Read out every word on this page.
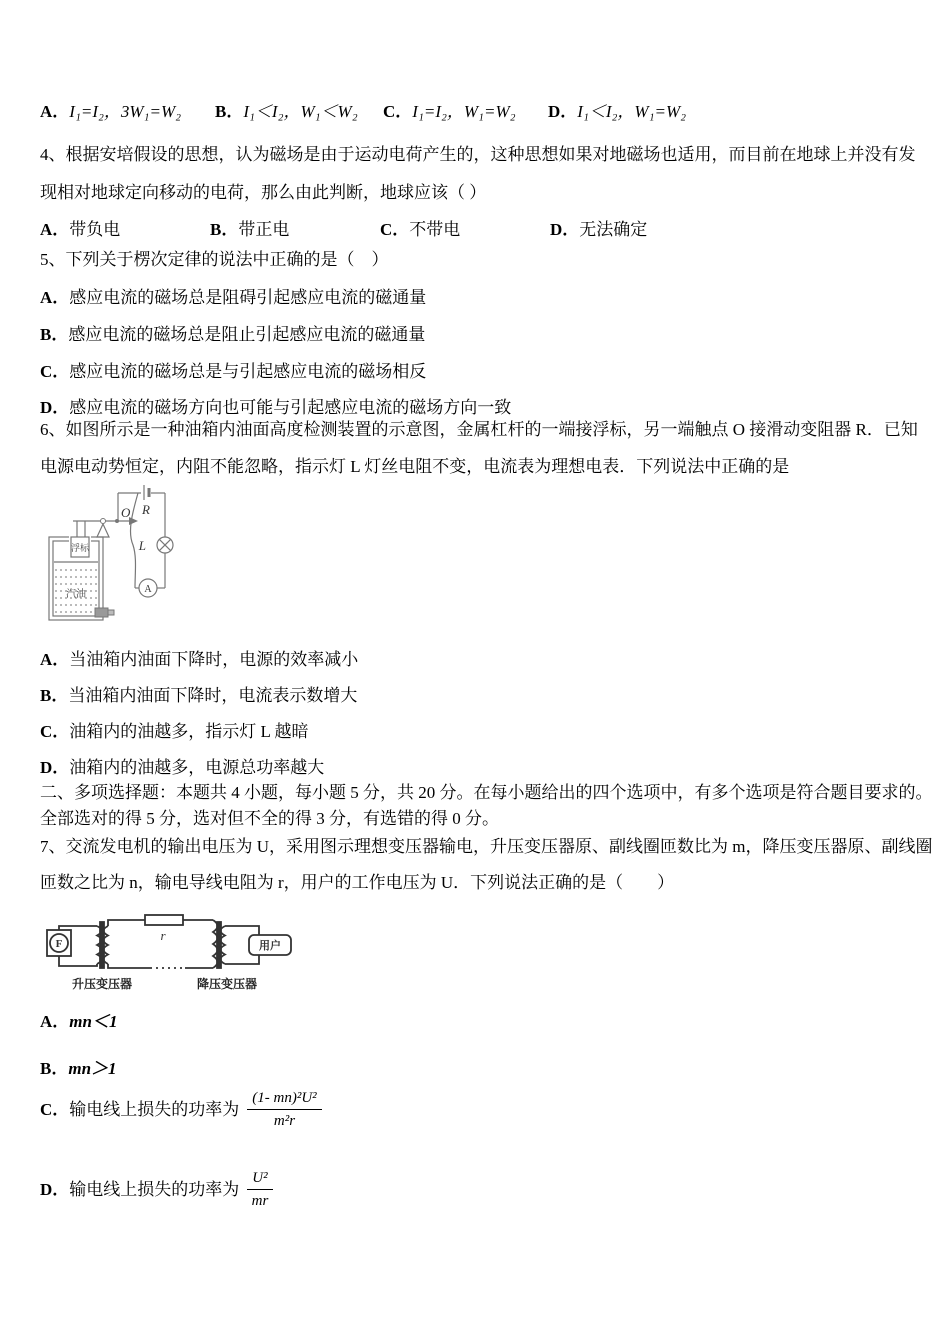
A．I₁=I₂，3W₁=W₂	B．I₁＜I₂，W₁＜W₂	C．I₁=I₂，W₁=W₂	D．I₁＜I₂，W₁=W₂
4、根据安培假设的思想，认为磁场是由于运动电荷产生的，这种思想如果对地磁场也适用，而目前在地球上并没有发
现相对地球定向移动的电荷，那么由此判断，地球应该（ ）
A．带负电	B．带正电	C．不带电	D．无法确定
5、下列关于楞次定律的说法中正确的是（　）
A．感应电流的磁场总是阻碍引起感应电流的磁通量
B．感应电流的磁场总是阻止引起感应电流的磁通量
C．感应电流的磁场总是与引起感应电流的磁场相反
D．感应电流的磁场方向也可能与引起感应电流的磁场方向一致
6、如图所示是一种油箱内油面高度检测装置的示意图，金属杠杆的一端接浮标，另一端触点 O 接滑动变阻器 R．已知
电源电动势恒定，内阻不能忽略，指示灯 L 灯丝电阻不变，电流表为理想电表．下列说法中正确的是
O R
L
A
浮标
汽油
A．当油箱内油面下降时，电源的效率减小
B．当油箱内油面下降时，电流表示数增大
C．油箱内的油越多，指示灯 L 越暗
D．油箱内的油越多，电源总功率越大
二、多项选择题：本题共 4 小题，每小题 5 分，共 20 分。在每小题给出的四个选项中，有多个选项是符合题目要求的。
全部选对的得 5 分，选对但不全的得 3 分，有选错的得 0 分。
7、交流发电机的输出电压为 U，采用图示理想变压器输电，升压变压器原、副线圈匝数比为 m，降压变压器原、副线圈
匝数之比为 n，输电导线电阻为 r，用户的工作电压为 U．下列说法正确的是（　　）
F
r
用户
升压变压器	降压变压器
A．mn＜1
B．mn＞1
C． 输电线上损失的功率为 $\frac{\text{(1- mn)²U²}}{\text{m²r}}$
D． 输电线上损失的功率为 $\frac{\text{U²}}{mr}$
